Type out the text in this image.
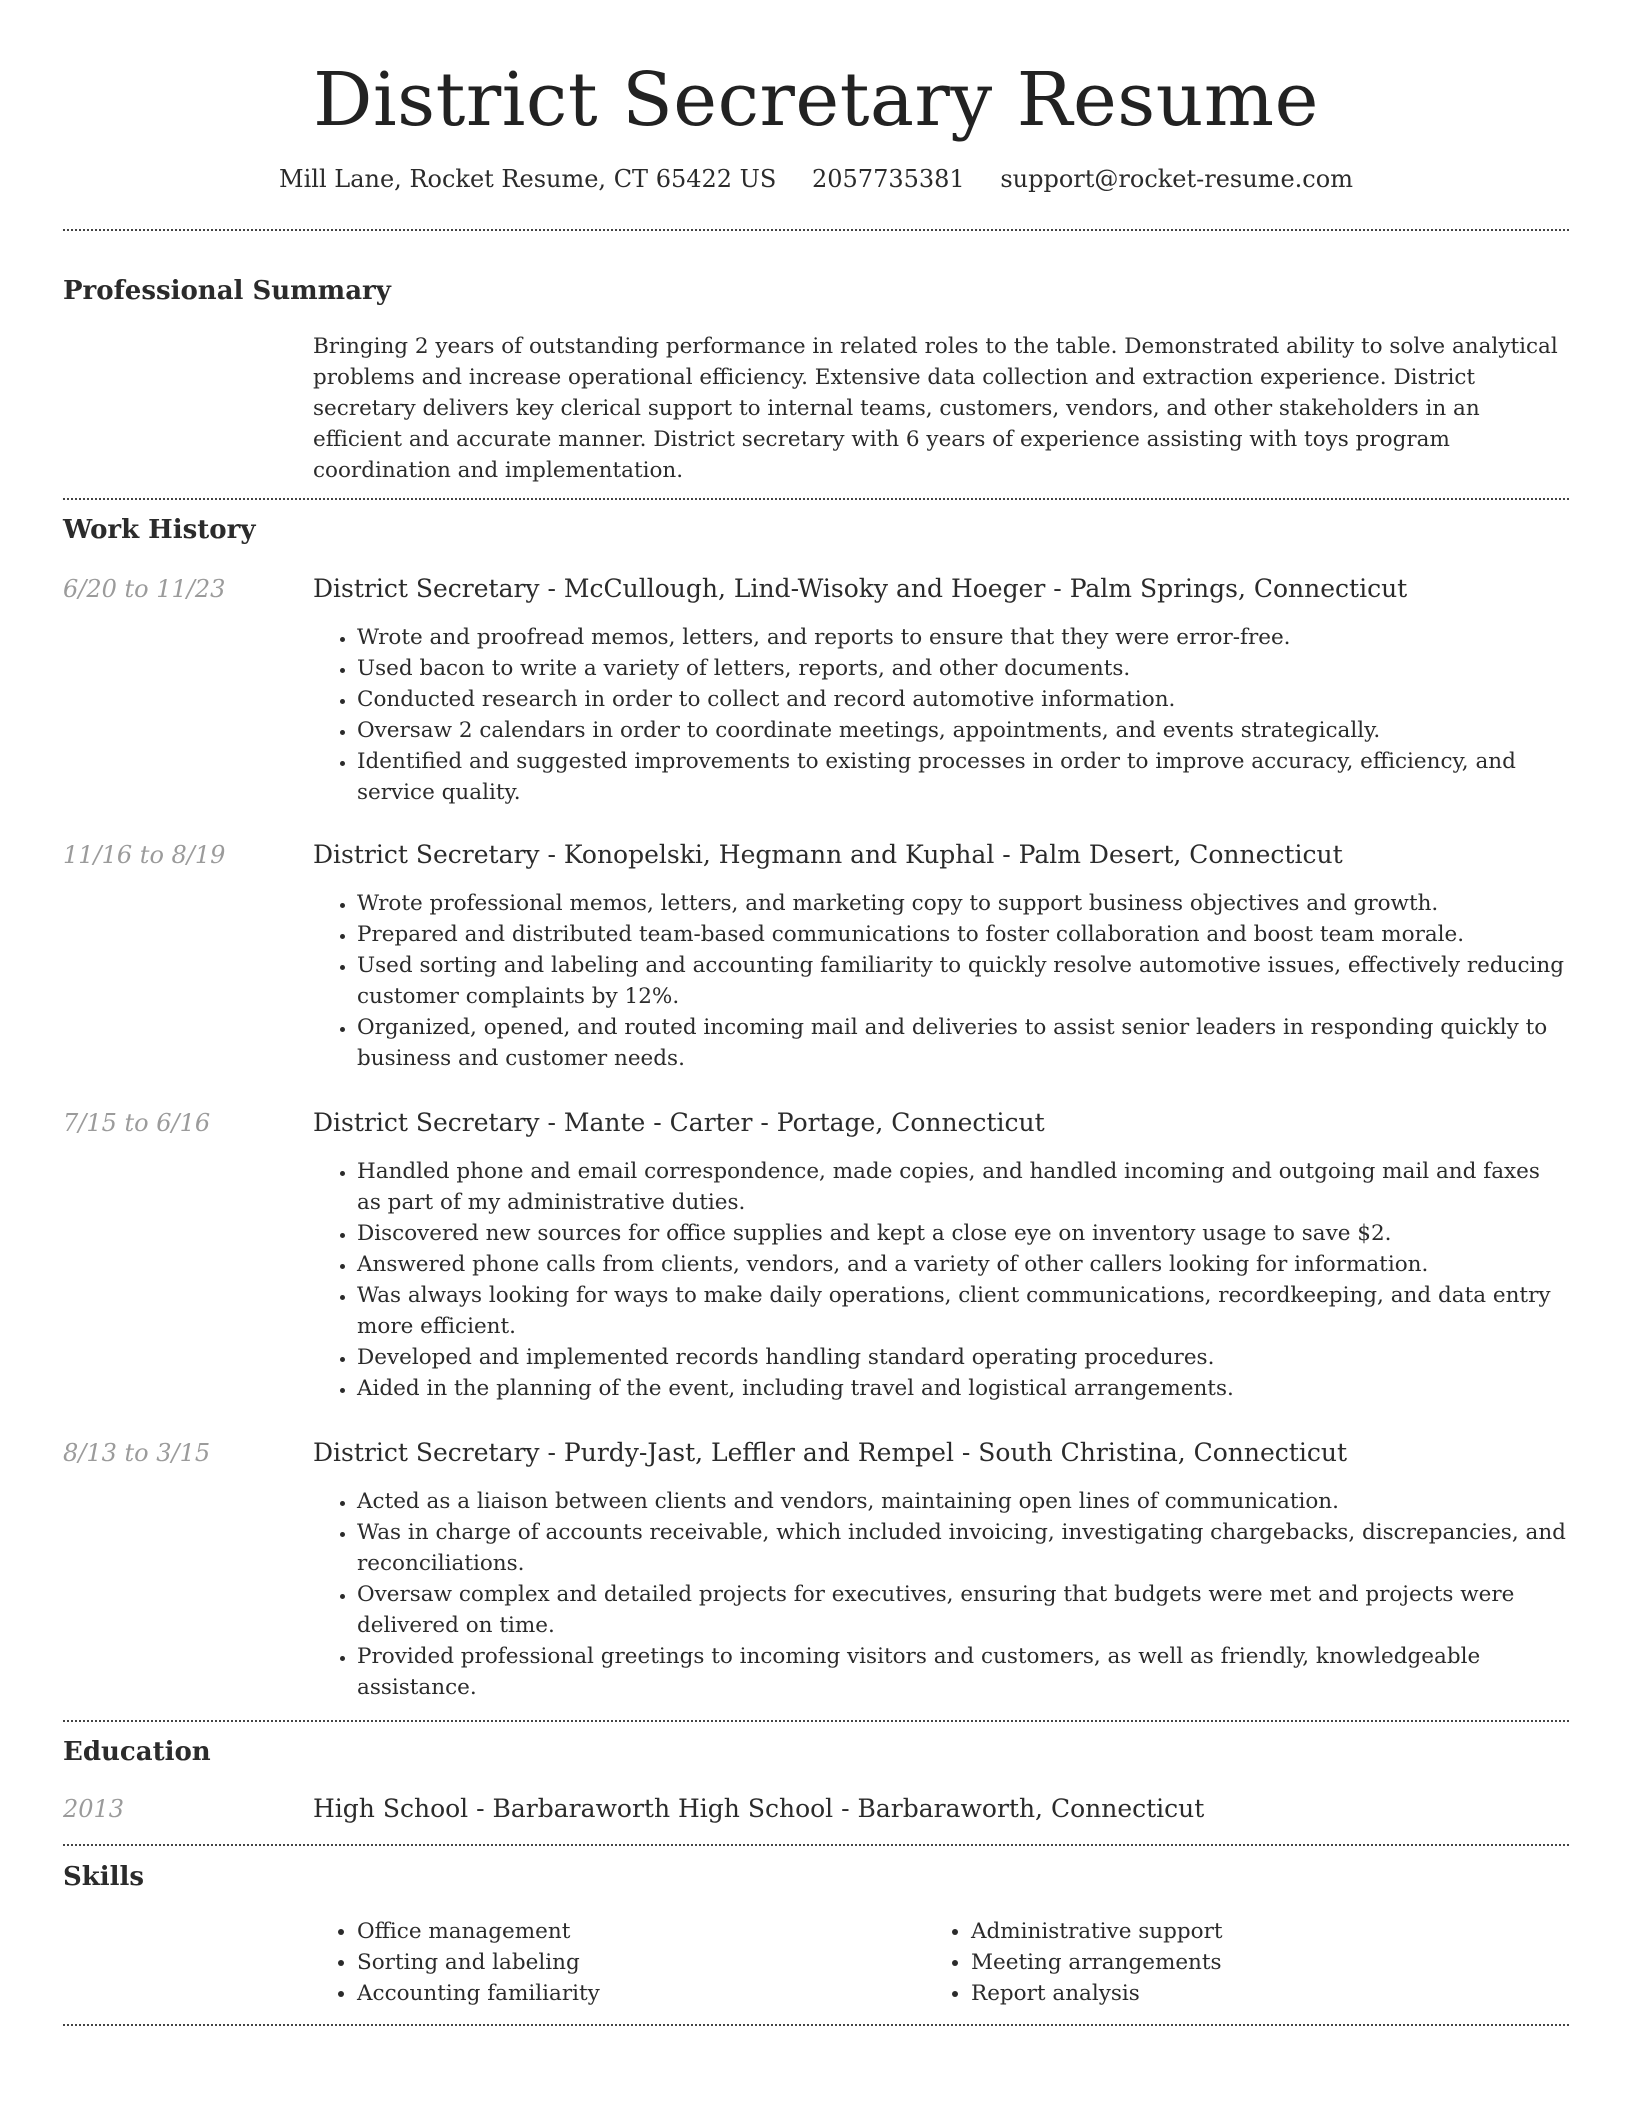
District Secretary Resume
Mill Lane, Rocket Resume, CT 65422 US 2057735381 support@rocket-resume.com
Professional Summary
Bringing 2 years of outstanding performance in related roles to the table. Demonstrated ability to solve analytical problems and increase operational efficiency. Extensive data collection and extraction experience. District secretary delivers key clerical support to internal teams, customers, vendors, and other stakeholders in an efficient and accurate manner. District secretary with 6 years of experience assisting with toys program coordination and implementation.
Work History
6/20 to 11/23	District Secretary - McCullough, Lind-Wisoky and Hoeger - Palm Springs, Connecticut
• Wrote and proofread memos, letters, and reports to ensure that they were error-free.
• Used bacon to write a variety of letters, reports, and other documents.
• Conducted research in order to collect and record automotive information.
• Oversaw 2 calendars in order to coordinate meetings, appointments, and events strategically.
• Identified and suggested improvements to existing processes in order to improve accuracy, efficiency, and service quality.
11/16 to 8/19	District Secretary - Konopelski, Hegmann and Kuphal - Palm Desert, Connecticut
• Wrote professional memos, letters, and marketing copy to support business objectives and growth.
• Prepared and distributed team-based communications to foster collaboration and boost team morale.
• Used sorting and labeling and accounting familiarity to quickly resolve automotive issues, effectively reducing customer complaints by 12%.
• Organized, opened, and routed incoming mail and deliveries to assist senior leaders in responding quickly to business and customer needs.
7/15 to 6/16	District Secretary - Mante - Carter - Portage, Connecticut
• Handled phone and email correspondence, made copies, and handled incoming and outgoing mail and faxes as part of my administrative duties.
• Discovered new sources for office supplies and kept a close eye on inventory usage to save $2.
• Answered phone calls from clients, vendors, and a variety of other callers looking for information.
• Was always looking for ways to make daily operations, client communications, recordkeeping, and data entry more efficient.
• Developed and implemented records handling standard operating procedures.
• Aided in the planning of the event, including travel and logistical arrangements.
8/13 to 3/15	District Secretary - Purdy-Jast, Leffler and Rempel - South Christina, Connecticut
• Acted as a liaison between clients and vendors, maintaining open lines of communication.
• Was in charge of accounts receivable, which included invoicing, investigating chargebacks, discrepancies, and reconciliations.
• Oversaw complex and detailed projects for executives, ensuring that budgets were met and projects were delivered on time.
• Provided professional greetings to incoming visitors and customers, as well as friendly, knowledgeable assistance.
Education
2013	High School - Barbaraworth High School - Barbaraworth, Connecticut
Skills
• Office management
• Sorting and labeling
• Accounting familiarity
• Administrative support
• Meeting arrangements
• Report analysis
